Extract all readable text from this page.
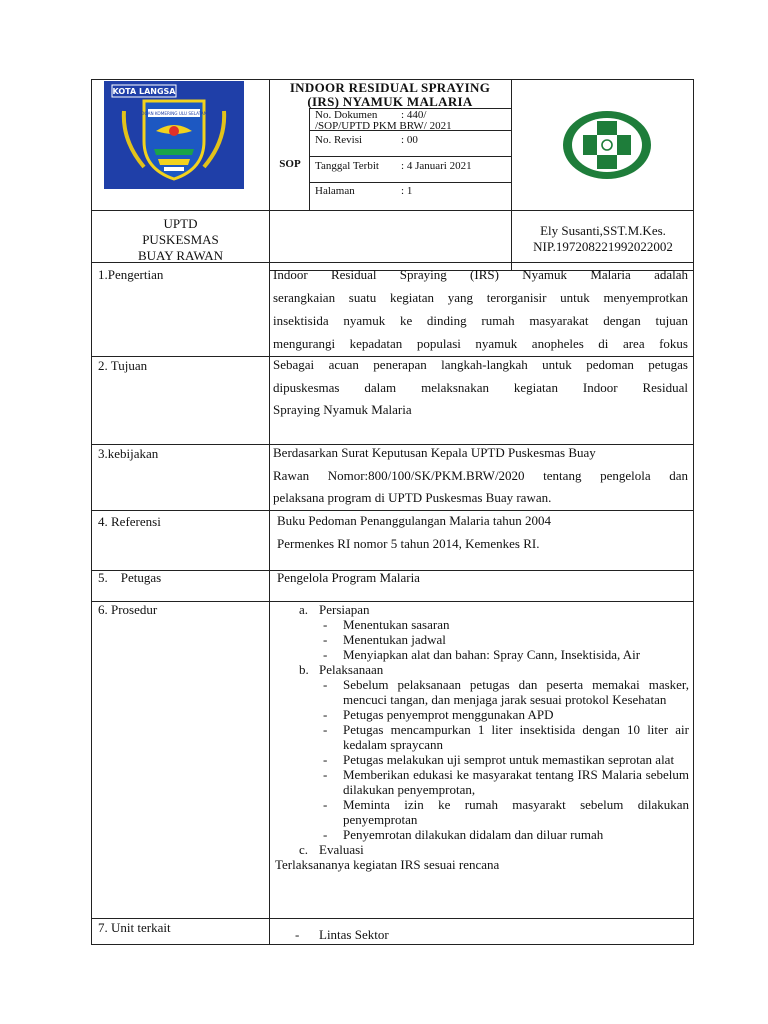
KOTA LANGSA
OGAN KOMERING ULU SELATAN
INDOOR RESIDUAL SPRAYING
(IRS) NYAMUK MALARIA
SOP
No. Dokumen : 440/
/SOP/UPTD PKM BRW/ 2021
No. Revisi	: 00
Tanggal Terbit : 4 Januari 2021
Halaman	: 1
UPTD
PUSKESMAS
BUAY RAWAN
Ely Susanti,SST.M.Kes.
NIP.197208221992022002
1.Pengertian	Indoor Residual Spraying (IRS) Nyamuk Malaria adalah
serangkaian suatu kegiatan yang terorganisir untuk menyemprotkan
insektisida nyamuk ke dinding rumah masyarakat dengan tujuan
mengurangi kepadatan populasi nyamuk anopheles di area fokus
2. Tujuan	Sebagai acuan penerapan langkah-langkah untuk pedoman petugas
dipuskesmas dalam melaksnakan kegiatan Indoor Residual
Spraying Nyamuk Malaria
3.kebijakan	Berdasarkan Surat Keputusan Kepala UPTD Puskesmas Buay
Rawan Nomor:800/100/SK/PKM.BRW/2020 tentang pengelola dan
pelaksana program di UPTD Puskesmas Buay rawan.
4. Referensi	Buku Pedoman Penanggulangan Malaria tahun 2004
Permenkes RI nomor 5 tahun 2014, Kemenkes RI.
5.    Petugas	Pengelola Program Malaria
6. Prosedur	a. Persiapan
- Menentukan sasaran
- Menentukan jadwal
- Menyiapkan alat dan bahan: Spray Cann, Insektisida, Air
b. Pelaksanaan
- Sebelum pelaksanaan petugas dan peserta memakai masker, mencuci tangan, dan menjaga jarak sesuai protokol Kesehatan
- Petugas penyemprot menggunakan APD
- Petugas mencampurkan 1 liter insektisida dengan 10 liter air kedalam spraycann
- Petugas melakukan uji semprot untuk memastikan seprotan alat
- Memberikan edukasi ke masyarakat tentang IRS Malaria sebelum dilakukan penyemprotan,
- Meminta izin ke rumah masyarakt sebelum dilakukan penyemprotan
- Penyemrotan dilakukan didalam dan diluar rumah
c. Evaluasi
Terlaksananya kegiatan IRS sesuai rencana
7. Unit terkait	- Lintas Sektor
